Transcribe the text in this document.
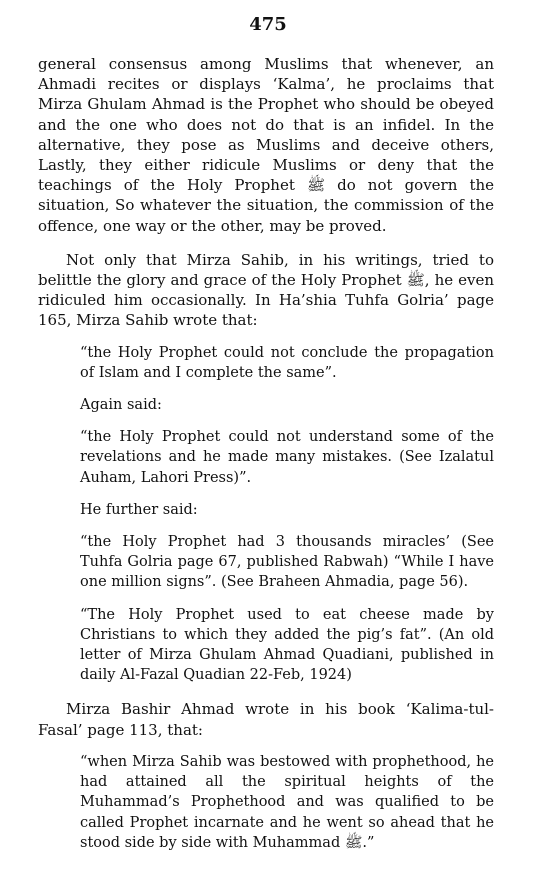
475

general consensus among Muslims that whenever, an Ahmadi recites or displays ‘Kalma’, he proclaims that Mirza Ghulam Ahmad is the Prophet who should be obeyed and the one who does not do that is an infidel. In the alternative, they pose as Muslims and deceive others, Lastly, they either ridicule Muslims or deny that the teachings of the Holy Prophet ﷺ do not govern the situation, So whatever the situation, the commission of the offence, one way or the other, may be proved.

Not only that Mirza Sahib, in his writings, tried to belittle the glory and grace of the Holy Prophet ﷺ, he even ridiculed him occasionally. In Ha’shia Tuhfa Golria’ page 165, Mirza Sahib wrote that:

“the Holy Prophet could not conclude the propagation of Islam and I complete the same”.

Again said:

“the Holy Prophet could not understand some of the revelations and he made many mistakes. (See Izalatul Auham, Lahori Press)”.

He further said:

“the Holy Prophet had 3 thousands miracles’ (See Tuhfa Golria page 67, published Rabwah) “While I have one million signs”. (See Braheen Ahmadia, page 56).

“The Holy Prophet used to eat cheese made by Christians to which they added the pig’s fat”. (An old letter of Mirza Ghulam Ahmad Quadiani, published in daily Al-Fazal Quadian 22-Feb, 1924)

Mirza Bashir Ahmad wrote in his book ‘Kalima-tul-Fasal’ page 113, that:

“when Mirza Sahib was bestowed with prophethood, he had attained all the spiritual heights of the Muhammad’s Prophethood and was qualified to be called Prophet incarnate and he went so ahead that he stood side by side with Muhammad ﷺ.”
